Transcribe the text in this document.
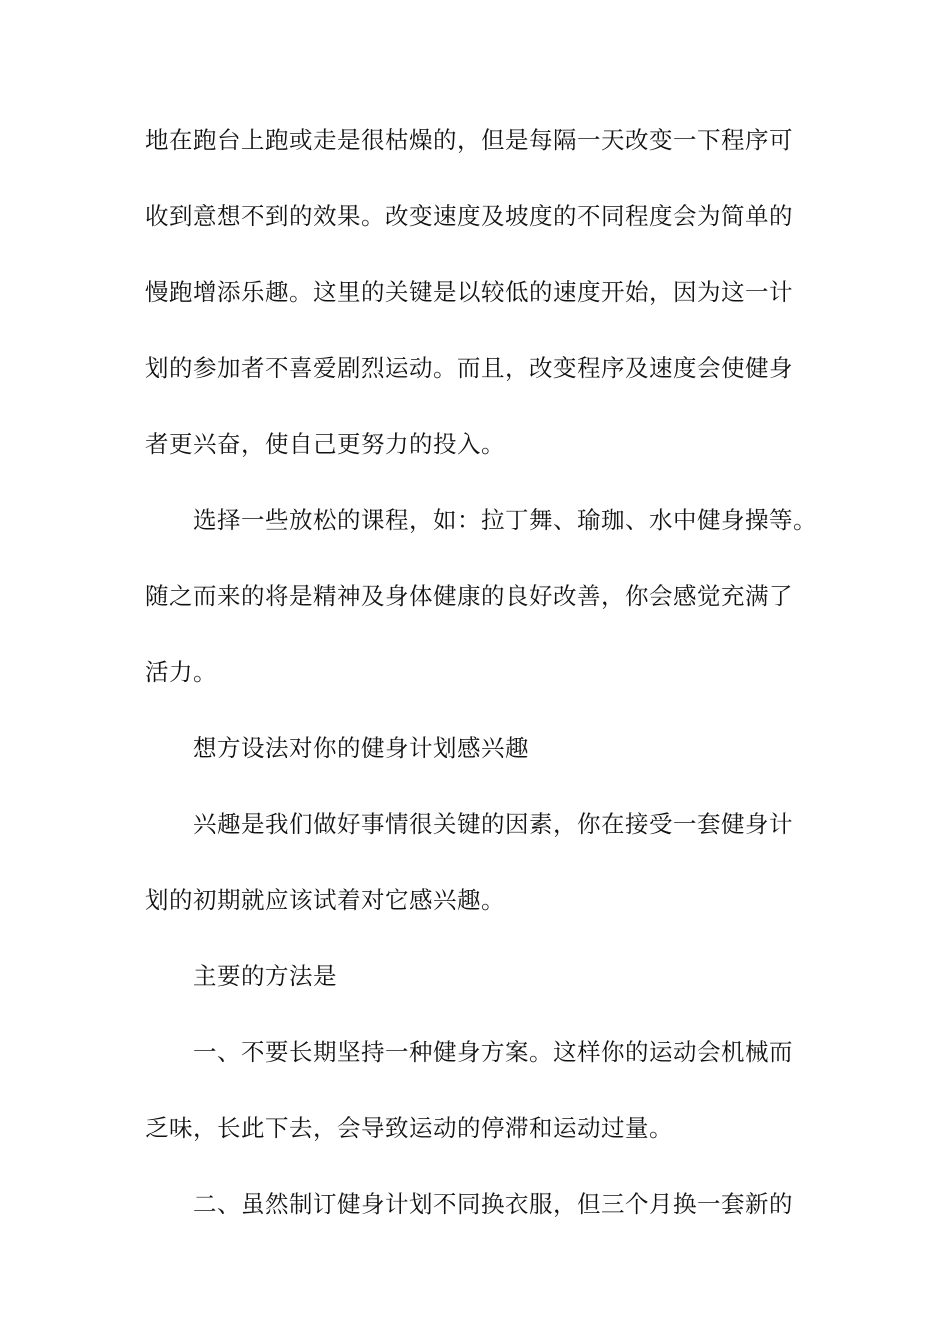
地在跑台上跑或走是很枯燥的，但是每隔一天改变一下程序可

收到意想不到的效果。改变速度及坡度的不同程度会为简单的

慢跑增添乐趣。这里的关键是以较低的速度开始，因为这一计

划的参加者不喜爱剧烈运动。而且，改变程序及速度会使健身

者更兴奋，使自己更努力的投入。

选择一些放松的课程，如：拉丁舞、瑜珈、水中健身操等。

随之而来的将是精神及身体健康的良好改善，你会感觉充满了

活力。

想方设法对你的健身计划感兴趣

兴趣是我们做好事情很关键的因素，你在接受一套健身计

划的初期就应该试着对它感兴趣。

主要的方法是

一、不要长期坚持一种健身方案。这样你的运动会机械而

乏味，长此下去，会导致运动的停滞和运动过量。

二、虽然制订健身计划不同换衣服，但三个月换一套新的
